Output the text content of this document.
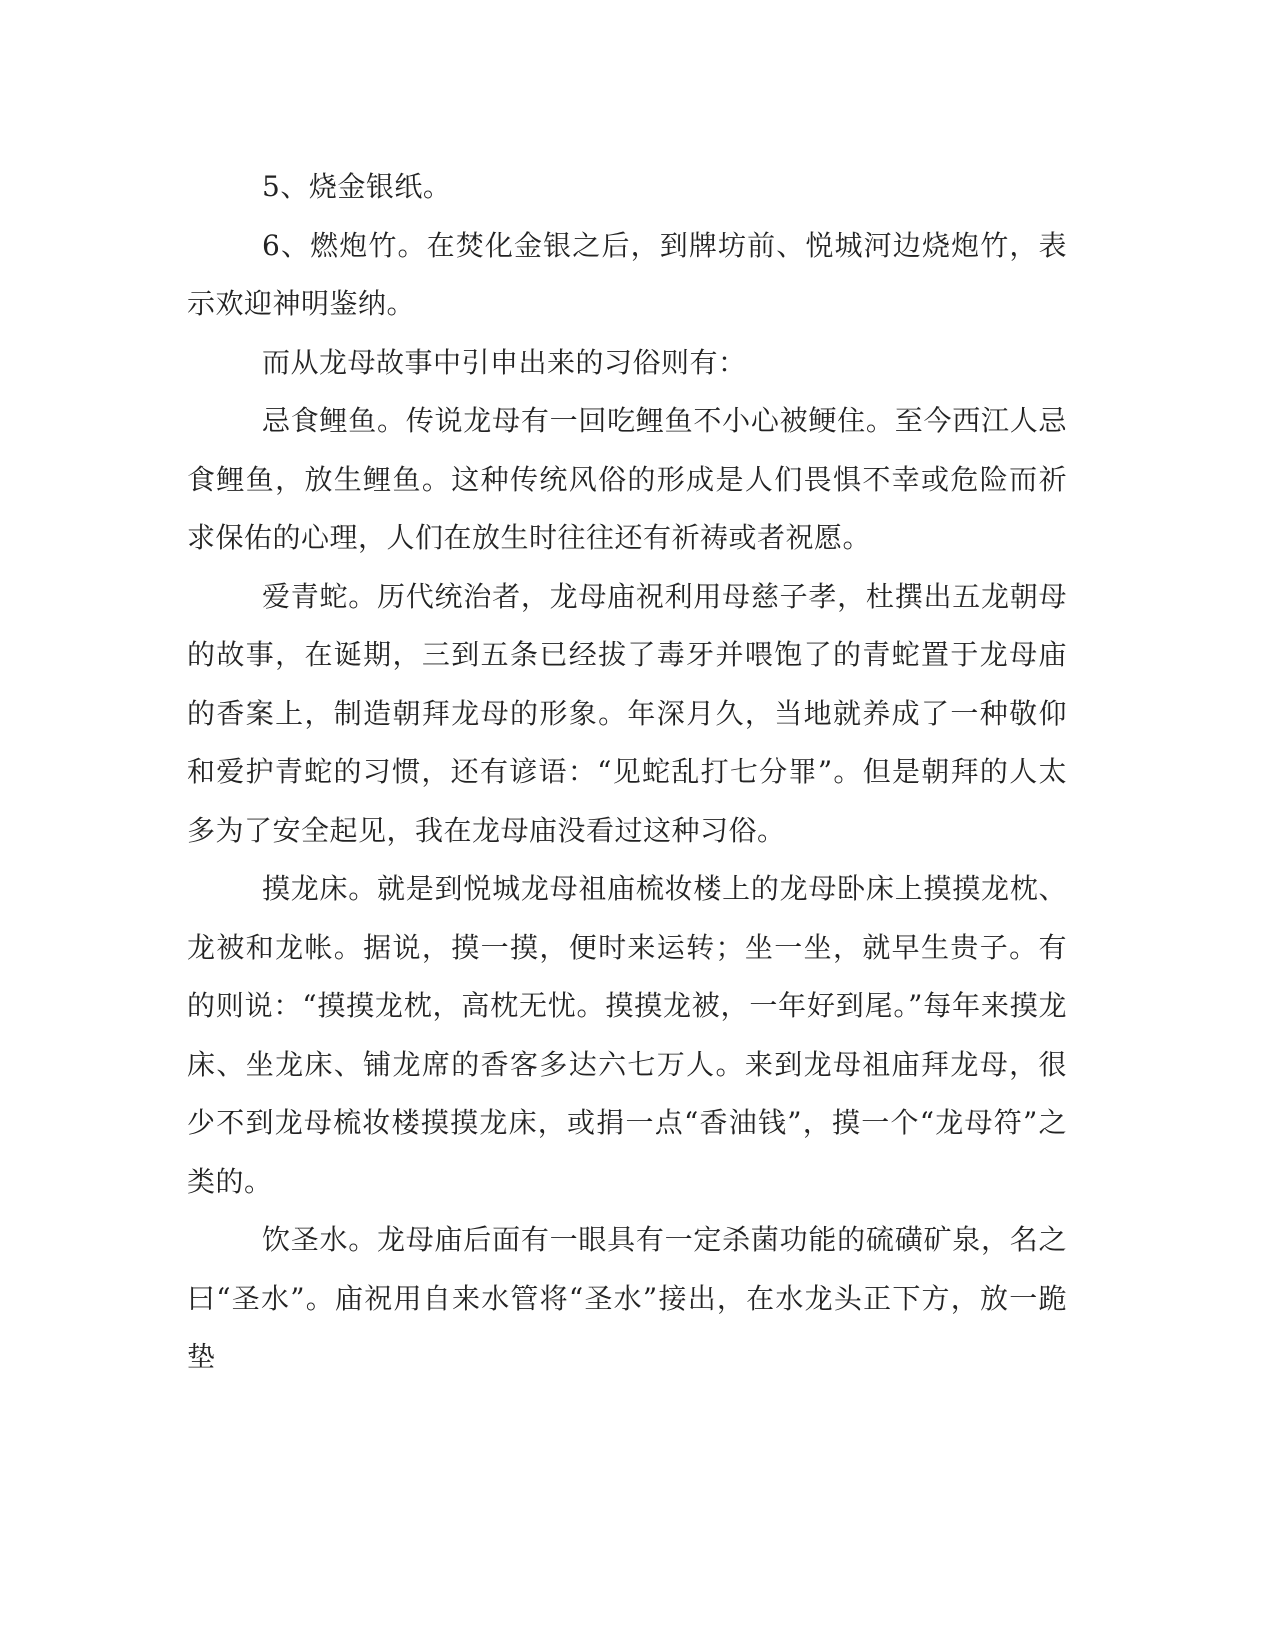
5、烧金银纸。

6、燃炮竹。在焚化金银之后，到牌坊前、悦城河边烧炮竹，表示欢迎神明鉴纳。

而从龙母故事中引申出来的习俗则有：

忌食鲤鱼。传说龙母有一回吃鲤鱼不小心被鲠住。至今西江人忌食鲤鱼，放生鲤鱼。这种传统风俗的形成是人们畏惧不幸或危险而祈求保佑的心理，人们在放生时往往还有祈祷或者祝愿。

爱青蛇。历代统治者，龙母庙祝利用母慈子孝，杜撰出五龙朝母的故事，在诞期，三到五条已经拔了毒牙并喂饱了的青蛇置于龙母庙的香案上，制造朝拜龙母的形象。年深月久，当地就养成了一种敬仰和爱护青蛇的习惯，还有谚语：“见蛇乱打七分罪”。但是朝拜的人太多为了安全起见，我在龙母庙没看过这种习俗。

摸龙床。就是到悦城龙母祖庙梳妆楼上的龙母卧床上摸摸龙枕、龙被和龙帐。据说，摸一摸，便时来运转；坐一坐，就早生贵子。有的则说：“摸摸龙枕，高枕无忧。摸摸龙被，一年好到尾。”每年来摸龙床、坐龙床、铺龙席的香客多达六七万人。来到龙母祖庙拜龙母，很少不到龙母梳妆楼摸摸龙床，或捐一点“香油钱”，摸一个“龙母符”之类的。

饮圣水。龙母庙后面有一眼具有一定杀菌功能的硫磺矿泉，名之曰“圣水”。庙祝用自来水管将“圣水”接出，在水龙头正下方，放一跪垫
